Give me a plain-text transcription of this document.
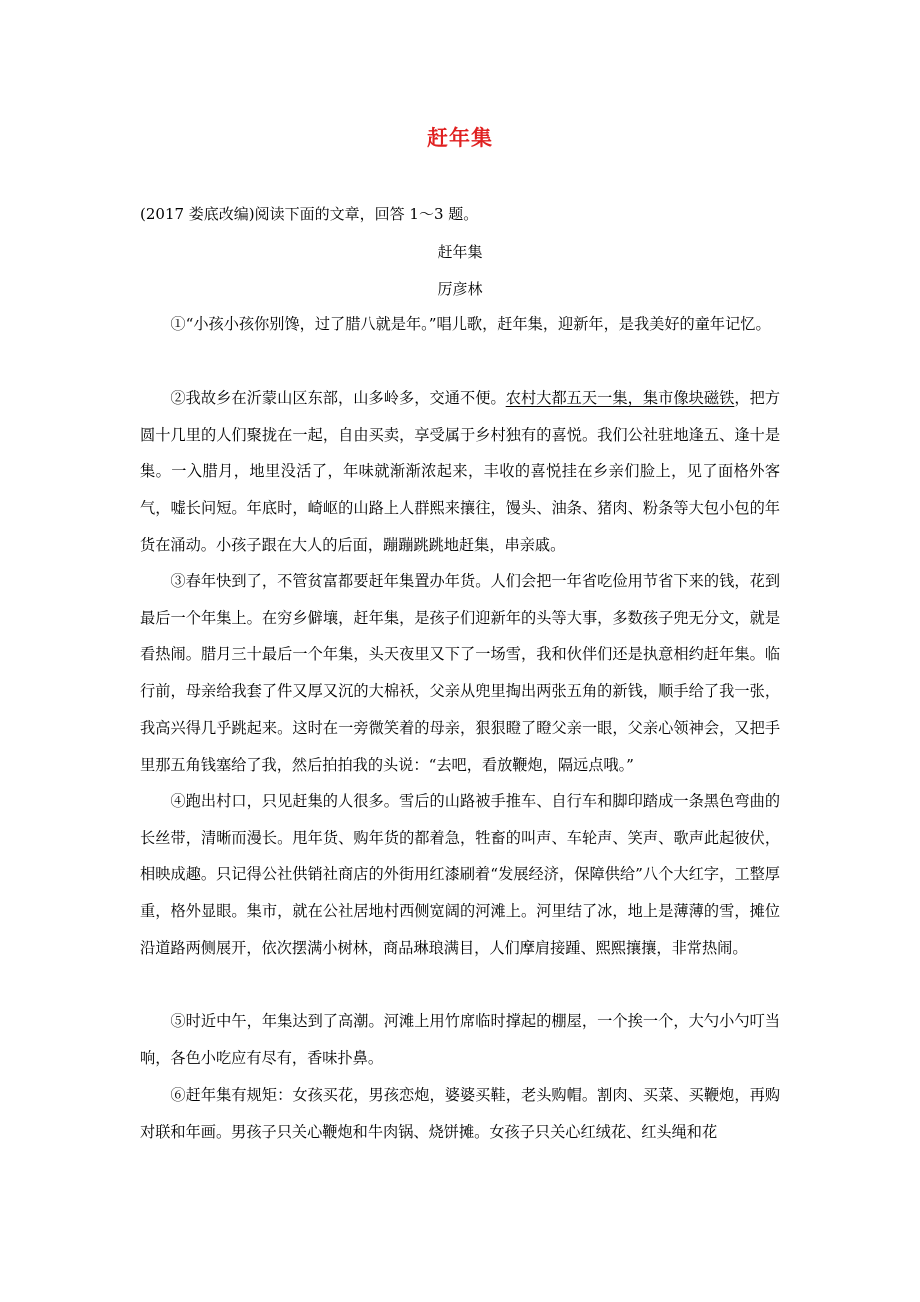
赶年集
(2017 娄底改编)阅读下面的文章，回答 1～3 题。
赶年集
厉彦林

①“小孩小孩你别馋，过了腊八就是年。”唱儿歌，赶年集，迎新年，是我美好的童年记忆。

②我故乡在沂蒙山区东部，山多岭多，交通不便。农村大都五天一集，集市像块磁铁，把方圆十几里的人们聚拢在一起，自由买卖，享受属于乡村独有的喜悦。我们公社驻地逢五、逢十是集。一入腊月，地里没活了，年味就渐渐浓起来，丰收的喜悦挂在乡亲们脸上，见了面格外客气，嘘长问短。年底时，崎岖的山路上人群熙来攘往，馒头、油条、猪肉、粉条等大包小包的年货在涌动。小孩子跟在大人的后面，蹦蹦跳跳地赶集，串亲戚。

③春年快到了，不管贫富都要赶年集置办年货。人们会把一年省吃俭用节省下来的钱，花到最后一个年集上。在穷乡僻壤，赶年集，是孩子们迎新年的头等大事，多数孩子兜无分文，就是看热闹。腊月三十最后一个年集，头天夜里又下了一场雪，我和伙伴们还是执意相约赶年集。临行前，母亲给我套了件又厚又沉的大棉袄，父亲从兜里掏出两张五角的新钱，顺手给了我一张，我高兴得几乎跳起来。这时在一旁微笑着的母亲，狠狠瞪了瞪父亲一眼，父亲心领神会，又把手里那五角钱塞给了我，然后拍拍我的头说：“去吧，看放鞭炮，隔远点哦。”

④跑出村口，只见赶集的人很多。雪后的山路被手推车、自行车和脚印踏成一条黑色弯曲的长丝带，清晰而漫长。甩年货、购年货的都着急，牲畜的叫声、车轮声、笑声、歌声此起彼伏，相映成趣。只记得公社供销社商店的外街用红漆刷着“发展经济，保障供给”八个大红字，工整厚重，格外显眼。集市，就在公社居地村西侧宽阔的河滩上。河里结了冰，地上是薄薄的雪，摊位沿道路两侧展开，依次摆满小树林，商品琳琅满目，人们摩肩接踵、熙熙攘攘，非常热闹。

⑤时近中午，年集达到了高潮。河滩上用竹席临时撑起的棚屋，一个挨一个，大勺小勺叮当响，各色小吃应有尽有，香味扑鼻。

⑥赶年集有规矩：女孩买花，男孩恋炮，婆婆买鞋，老头购帽。割肉、买菜、买鞭炮，再购对联和年画。男孩子只关心鞭炮和牛肉锅、烧饼摊。女孩子只关心红绒花、红头绳和花
